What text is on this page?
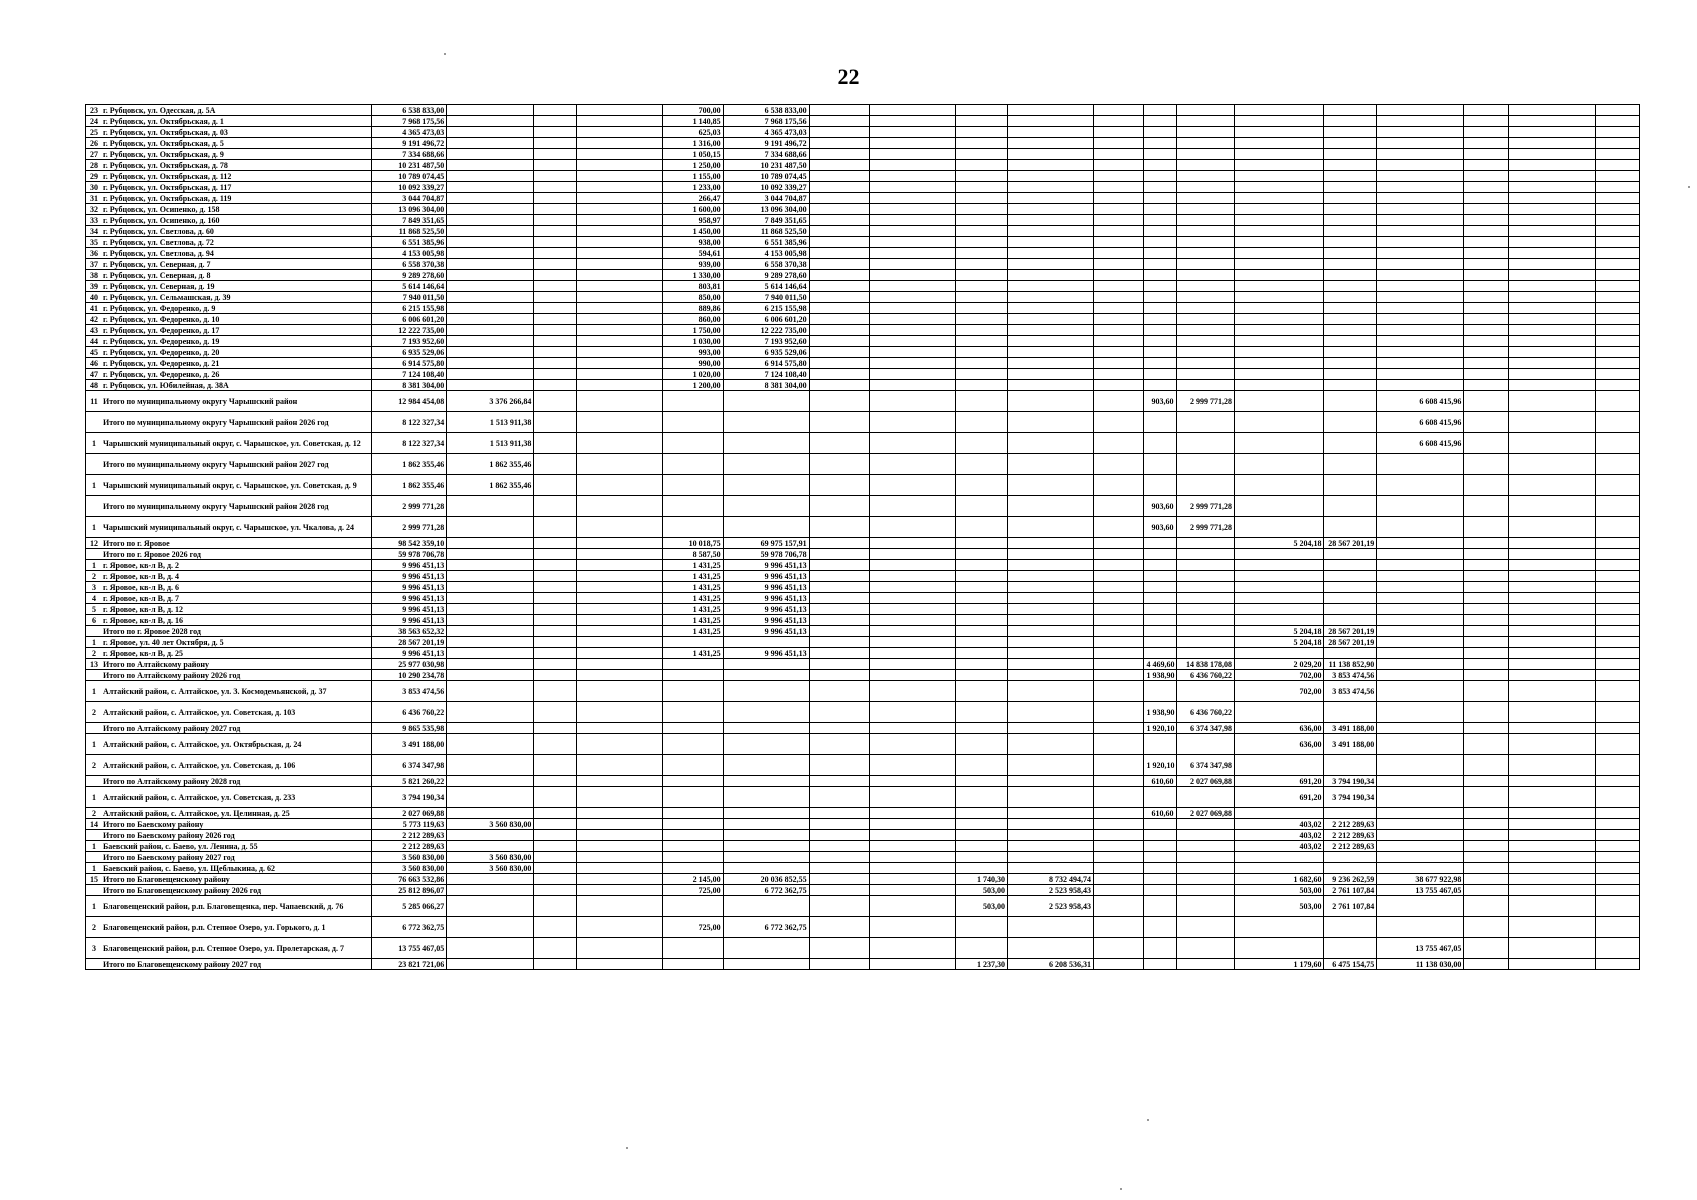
22
23 г. Рубцовск, ул. Одесская, д. 5А	6 538 833,00				700,00	6 538 833,00													
24 г. Рубцовск, ул. Октябрьская, д. 1	7 968 175,56				1 140,85	7 968 175,56													
25 г. Рубцовск, ул. Октябрьская, д. 03	4 365 473,03				625,03	4 365 473,03													
26 г. Рубцовск, ул. Октябрьская, д. 5	9 191 496,72				1 316,00	9 191 496,72													
27 г. Рубцовск, ул. Октябрьская, д. 9	7 334 688,66				1 050,15	7 334 688,66													
28 г. Рубцовск, ул. Октябрьская, д. 78	10 231 487,50				1 250,00	10 231 487,50													
29 г. Рубцовск, ул. Октябрьская, д. 112	10 789 074,45				1 155,00	10 789 074,45													
30 г. Рубцовск, ул. Октябрьская, д. 117	10 092 339,27				1 233,00	10 092 339,27													
31 г. Рубцовск, ул. Октябрьская, д. 119	3 044 704,87				266,47	3 044 704,87													
32 г. Рубцовск, ул. Осипенко, д. 158	13 096 304,00				1 600,00	13 096 304,00													
33 г. Рубцовск, ул. Осипенко, д. 160	7 849 351,65				958,97	7 849 351,65													
34 г. Рубцовск, ул. Светлова, д. 60	11 868 525,50				1 450,00	11 868 525,50													
35 г. Рубцовск, ул. Светлова, д. 72	6 551 385,96				938,00	6 551 385,96													
36 г. Рубцовск, ул. Светлова, д. 94	4 153 005,98				594,61	4 153 005,98													
37 г. Рубцовск, ул. Северная, д. 7	6 558 370,38				939,00	6 558 370,38													
38 г. Рубцовск, ул. Северная, д. 8	9 289 278,60				1 330,00	9 289 278,60													
39 г. Рубцовск, ул. Северная, д. 19	5 614 146,64				803,81	5 614 146,64													
40 г. Рубцовск, ул. Сельмашская, д. 39	7 940 011,50				850,00	7 940 011,50													
41 г. Рубцовск, ул. Федоренко, д. 9	6 215 155,98				889,86	6 215 155,98													
42 г. Рубцовск, ул. Федоренко, д. 10	6 006 601,20				860,00	6 006 601,20													
43 г. Рубцовск, ул. Федоренко, д. 17	12 222 735,00				1 750,00	12 222 735,00													
44 г. Рубцовск, ул. Федоренко, д. 19	7 193 952,60				1 030,00	7 193 952,60													
45 г. Рубцовск, ул. Федоренко, д. 20	6 935 529,06				993,00	6 935 529,06													
46 г. Рубцовск, ул. Федоренко, д. 21	6 914 575,80				990,00	6 914 575,80													
47 г. Рубцовск, ул. Федоренко, д. 26	7 124 108,40				1 020,00	7 124 108,40													
48 г. Рубцовск, ул. Юбилейная, д. 38А	8 381 304,00				1 200,00	8 381 304,00													
11 Итого по муниципальному округу Чарышский район	12 984 454,08	3 376 266,84										903,60	2 999 771,28			6 608 415,96			
Итого по муниципальному округу Чарышский район 2026 год	8 122 327,34	1 513 911,38														6 608 415,96			
1 Чарышский муниципальный округ, с. Чарышское, ул. Советская, д. 12	8 122 327,34	1 513 911,38														6 608 415,96			
Итого по муниципальному округу Чарышский район 2027 год	1 862 355,46	1 862 355,46																	
1 Чарышский муниципальный округ, с. Чарышское, ул. Советская, д. 9	1 862 355,46	1 862 355,46																	
Итого по муниципальному округу Чарышский район 2028 год	2 999 771,28											903,60	2 999 771,28						
1 Чарышский муниципальный округ, с. Чарышское, ул. Чкалова, д. 24	2 999 771,28											903,60	2 999 771,28						
12 Итого по г. Яровое	98 542 359,10				10 018,75	69 975 157,91								5 204,18	28 567 201,19				
Итого по г. Яровое 2026 год	59 978 706,78				8 587,50	59 978 706,78													
1 г. Яровое, кв-л В, д. 2	9 996 451,13				1 431,25	9 996 451,13													
2 г. Яровое, кв-л В, д. 4	9 996 451,13				1 431,25	9 996 451,13													
3 г. Яровое, кв-л В, д. 6	9 996 451,13				1 431,25	9 996 451,13													
4 г. Яровое, кв-л В, д. 7	9 996 451,13				1 431,25	9 996 451,13													
5 г. Яровое, кв-л В, д. 12	9 996 451,13				1 431,25	9 996 451,13													
6 г. Яровое, кв-л В, д. 16	9 996 451,13				1 431,25	9 996 451,13													
Итого по г. Яровое 2028 год	38 563 652,32				1 431,25	9 996 451,13								5 204,18	28 567 201,19				
1 г. Яровое, ул. 40 лет Октября, д. 5	28 567 201,19													5 204,18	28 567 201,19				
2 г. Яровое, кв-л В, д. 25	9 996 451,13				1 431,25	9 996 451,13													
13 Итого по Алтайскому району	25 977 030,98											4 469,60	14 838 178,08	2 029,20	11 138 852,90				
Итого по Алтайскому району 2026 год	10 290 234,78											1 938,90	6 436 760,22	702,00	3 853 474,56				
1 Алтайский район, с. Алтайское, ул. З. Космодемьянской, д. 37	3 853 474,56													702,00	3 853 474,56				
2 Алтайский район, с. Алтайское, ул. Советская, д. 103	6 436 760,22											1 938,90	6 436 760,22						
Итого по Алтайскому району 2027 год	9 865 535,98											1 920,10	6 374 347,98	636,00	3 491 188,00				
1 Алтайский район, с. Алтайское, ул. Октябрьская, д. 24	3 491 188,00													636,00	3 491 188,00				
2 Алтайский район, с. Алтайское, ул. Советская, д. 106	6 374 347,98											1 920,10	6 374 347,98						
Итого по Алтайскому району 2028 год	5 821 260,22											610,60	2 027 069,88	691,20	3 794 190,34				
1 Алтайский район, с. Алтайское, ул. Советская, д. 233	3 794 190,34													691,20	3 794 190,34				
2 Алтайский район, с. Алтайское, ул. Целинная, д. 25	2 027 069,88											610,60	2 027 069,88						
14 Итого по Баевскому району	5 773 119,63	3 560 830,00												403,02	2 212 289,63				
Итого по Баевскому району 2026 год	2 212 289,63													403,02	2 212 289,63				
1 Баевский район, с. Баево, ул. Ленина, д. 55	2 212 289,63													403,02	2 212 289,63				
Итого по Баевскому району 2027 год	3 560 830,00	3 560 830,00																	
1 Баевский район, с. Баево, ул. Щеблыкина, д. 62	3 560 830,00	3 560 830,00																	
15 Итого по Благовещенскому району	76 663 532,86				2 145,00	20 036 852,55			1 740,30	8 732 494,74				1 682,60	9 236 262,59	38 677 922,98			
Итого по Благовещенскому району 2026 год	25 812 896,07				725,00	6 772 362,75			503,00	2 523 958,43				503,00	2 761 107,84	13 755 467,05			
1 Благовещенский район, р.п. Благовещенка, пер. Чапаевский, д. 76	5 285 066,27								503,00	2 523 958,43				503,00	2 761 107,84				
2 Благовещенский район, р.п. Степное Озеро, ул. Горького, д. 1	6 772 362,75				725,00	6 772 362,75													
3 Благовещенский район, р.п. Степное Озеро, ул. Пролетарская, д. 7	13 755 467,05															13 755 467,05			
Итого по Благовещенскому району 2027 год	23 821 721,06								1 237,30	6 208 536,31				1 179,60	6 475 154,75	11 138 030,00			
